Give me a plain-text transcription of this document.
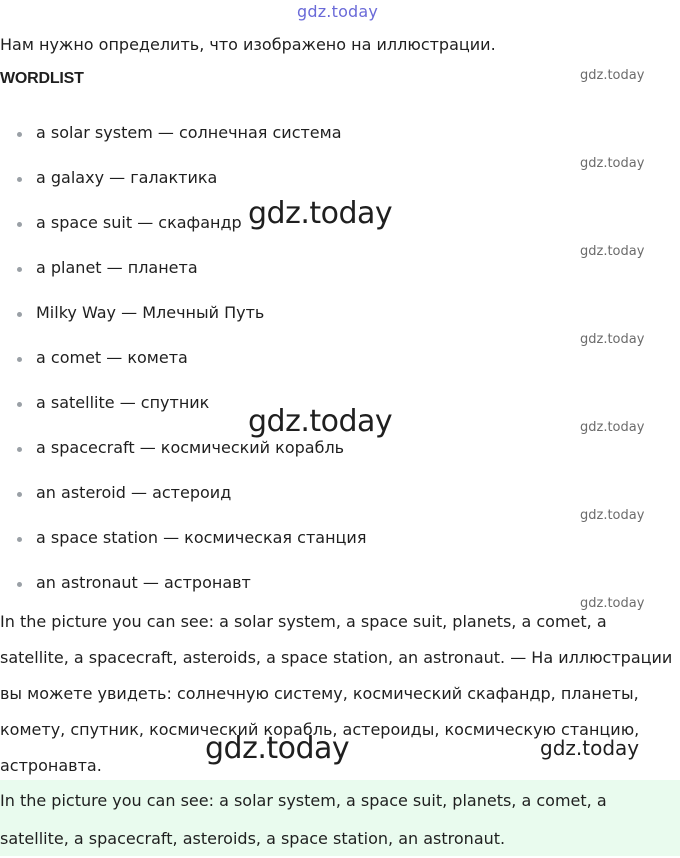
gdz.today
Нам нужно определить, что изображено на иллюстрации.
WORDLIST
a solar system — солнечная система
a galaxy — галактика
a space suit — скафандр
a planet — планета
Milky Way — Млечный Путь
a comet — комета
a satellite — спутник
a spacecraft — космический корабль
an asteroid — астероид
a space station — космическая станция
an astronaut — астронавт
gdz.today
gdz.today
gdz.today
gdz.today
gdz.today
gdz.today
gdz.today
gdz.today
gdz.today

In the picture you can see: a solar system, a space suit, planets, a comet, a satellite, a spacecraft, asteroids, a space station, an astronaut. — На иллюстрации вы можете увидеть: солнечную систему, космический скафандр, планеты, комету, спутник, космический корабль, астероиды, космическую станцию, астронавта.	gdz.today	gdz.today

In the picture you can see: a solar system, a space suit, planets, a comet, a satellite, a spacecraft, asteroids, a space station, an astronaut.
